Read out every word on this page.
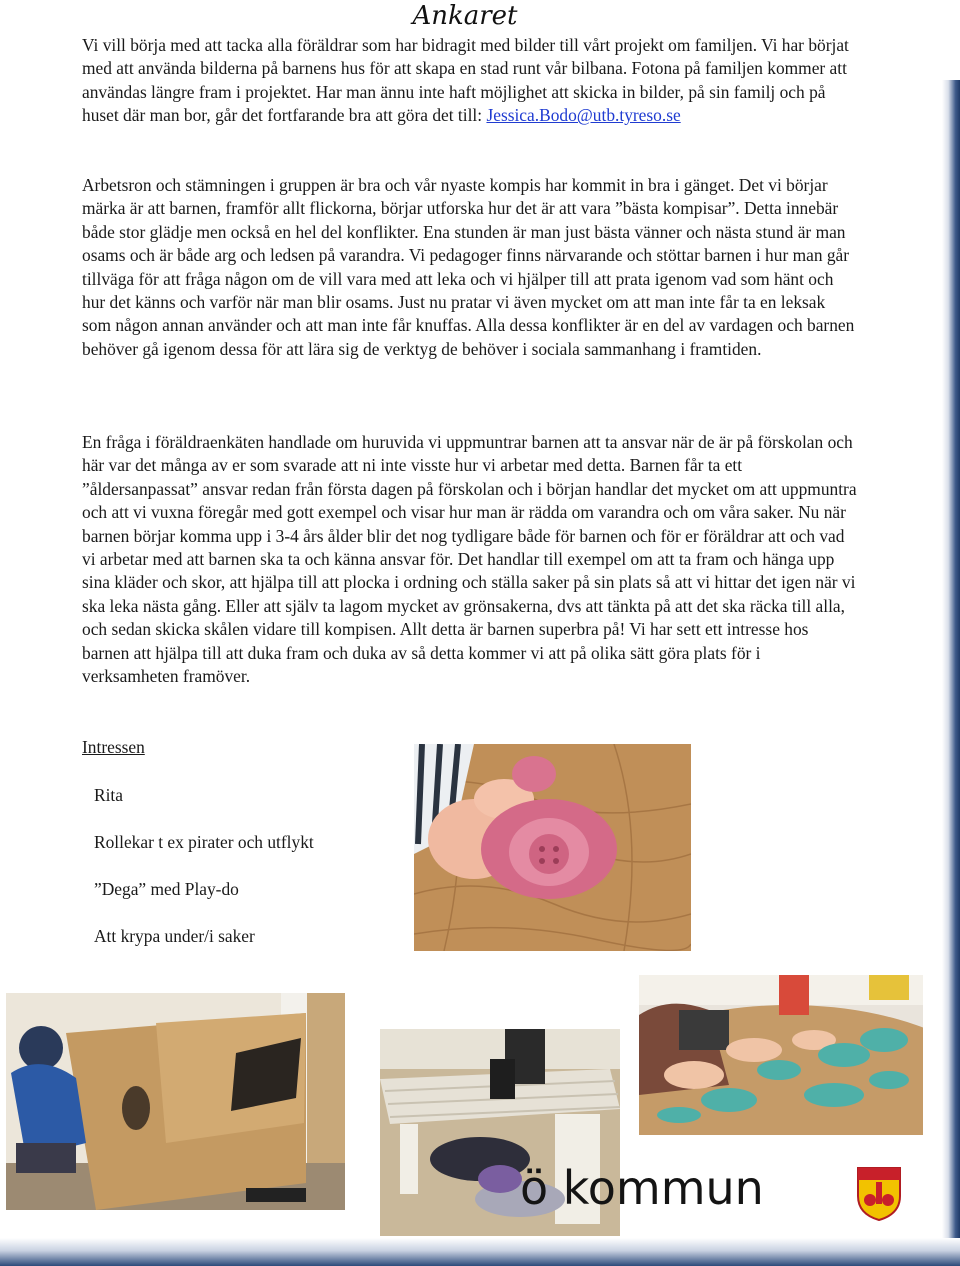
Ankaret

Vi vill börja med att tacka alla föräldrar som har bidragit med bilder till vårt projekt om familjen. Vi har börjat med att använda bilderna på barnens hus för att skapa en stad runt vår bilbana. Fotona på familjen kommer att användas längre fram i projektet. Har man ännu inte haft möjlighet att skicka in bilder, på sin familj och på huset där man bor, går det fortfarande bra att göra det till: Jessica.Bodo@utb.tyreso.se

Arbetsron och stämningen i gruppen är bra och vår nyaste kompis har kommit in bra i gänget. Det vi börjar märka är att barnen, framför allt flickorna, börjar utforska hur det är att vara ”bästa kompisar”. Detta innebär både stor glädje men också en hel del konflikter. Ena stunden är man just bästa vänner och nästa stund är man osams och är både arg och ledsen på varandra. Vi pedagoger finns närvarande och stöttar barnen i hur man går tillväga för att fråga någon om de vill vara med att leka och vi hjälper till att prata igenom vad som hänt och hur det känns och varför när man blir osams. Just nu pratar vi även mycket om att man inte får ta en leksak som någon annan använder och att man inte får knuffas. Alla dessa konflikter är en del av vardagen och barnen behöver gå igenom dessa för att lära sig de verktyg de behöver i sociala sammanhang i framtiden.

En fråga i föräldraenkäten handlade om huruvida vi uppmuntrar barnen att ta ansvar när de är på förskolan och här var det många av er som svarade att ni inte visste hur vi arbetar med detta. Barnen får ta ett ”åldersanpassat” ansvar redan från första dagen på förskolan och i början handlar det mycket om att uppmuntra och att vi vuxna föregår med gott exempel och visar hur man är rädda om varandra och om våra saker. Nu när barnen börjar komma upp i 3-4 års ålder blir det nog tydligare både för barnen och för er föräldrar att och vad vi arbetar med att barnen ska ta och känna ansvar för. Det handlar till exempel om att ta fram och hänga upp sina kläder och skor, att hjälpa till att plocka i ordning och ställa saker på sin plats så att vi hittar det igen när vi ska leka nästa gång. Eller att själv ta lagom mycket av grönsakerna, dvs att tänkta på att det ska räcka till alla, och sedan skicka skålen vidare till kompisen. Allt detta är barnen superbra på! Vi har sett ett intresse hos barnen att hjälpa till att duka fram och duka av så detta kommer vi att på olika sätt göra plats för i verksamheten framöver.

Intressen
Rita
Rollekar t ex pirater och utflykt
”Dega” med Play-do
Att krypa under/i saker
ö kommun
